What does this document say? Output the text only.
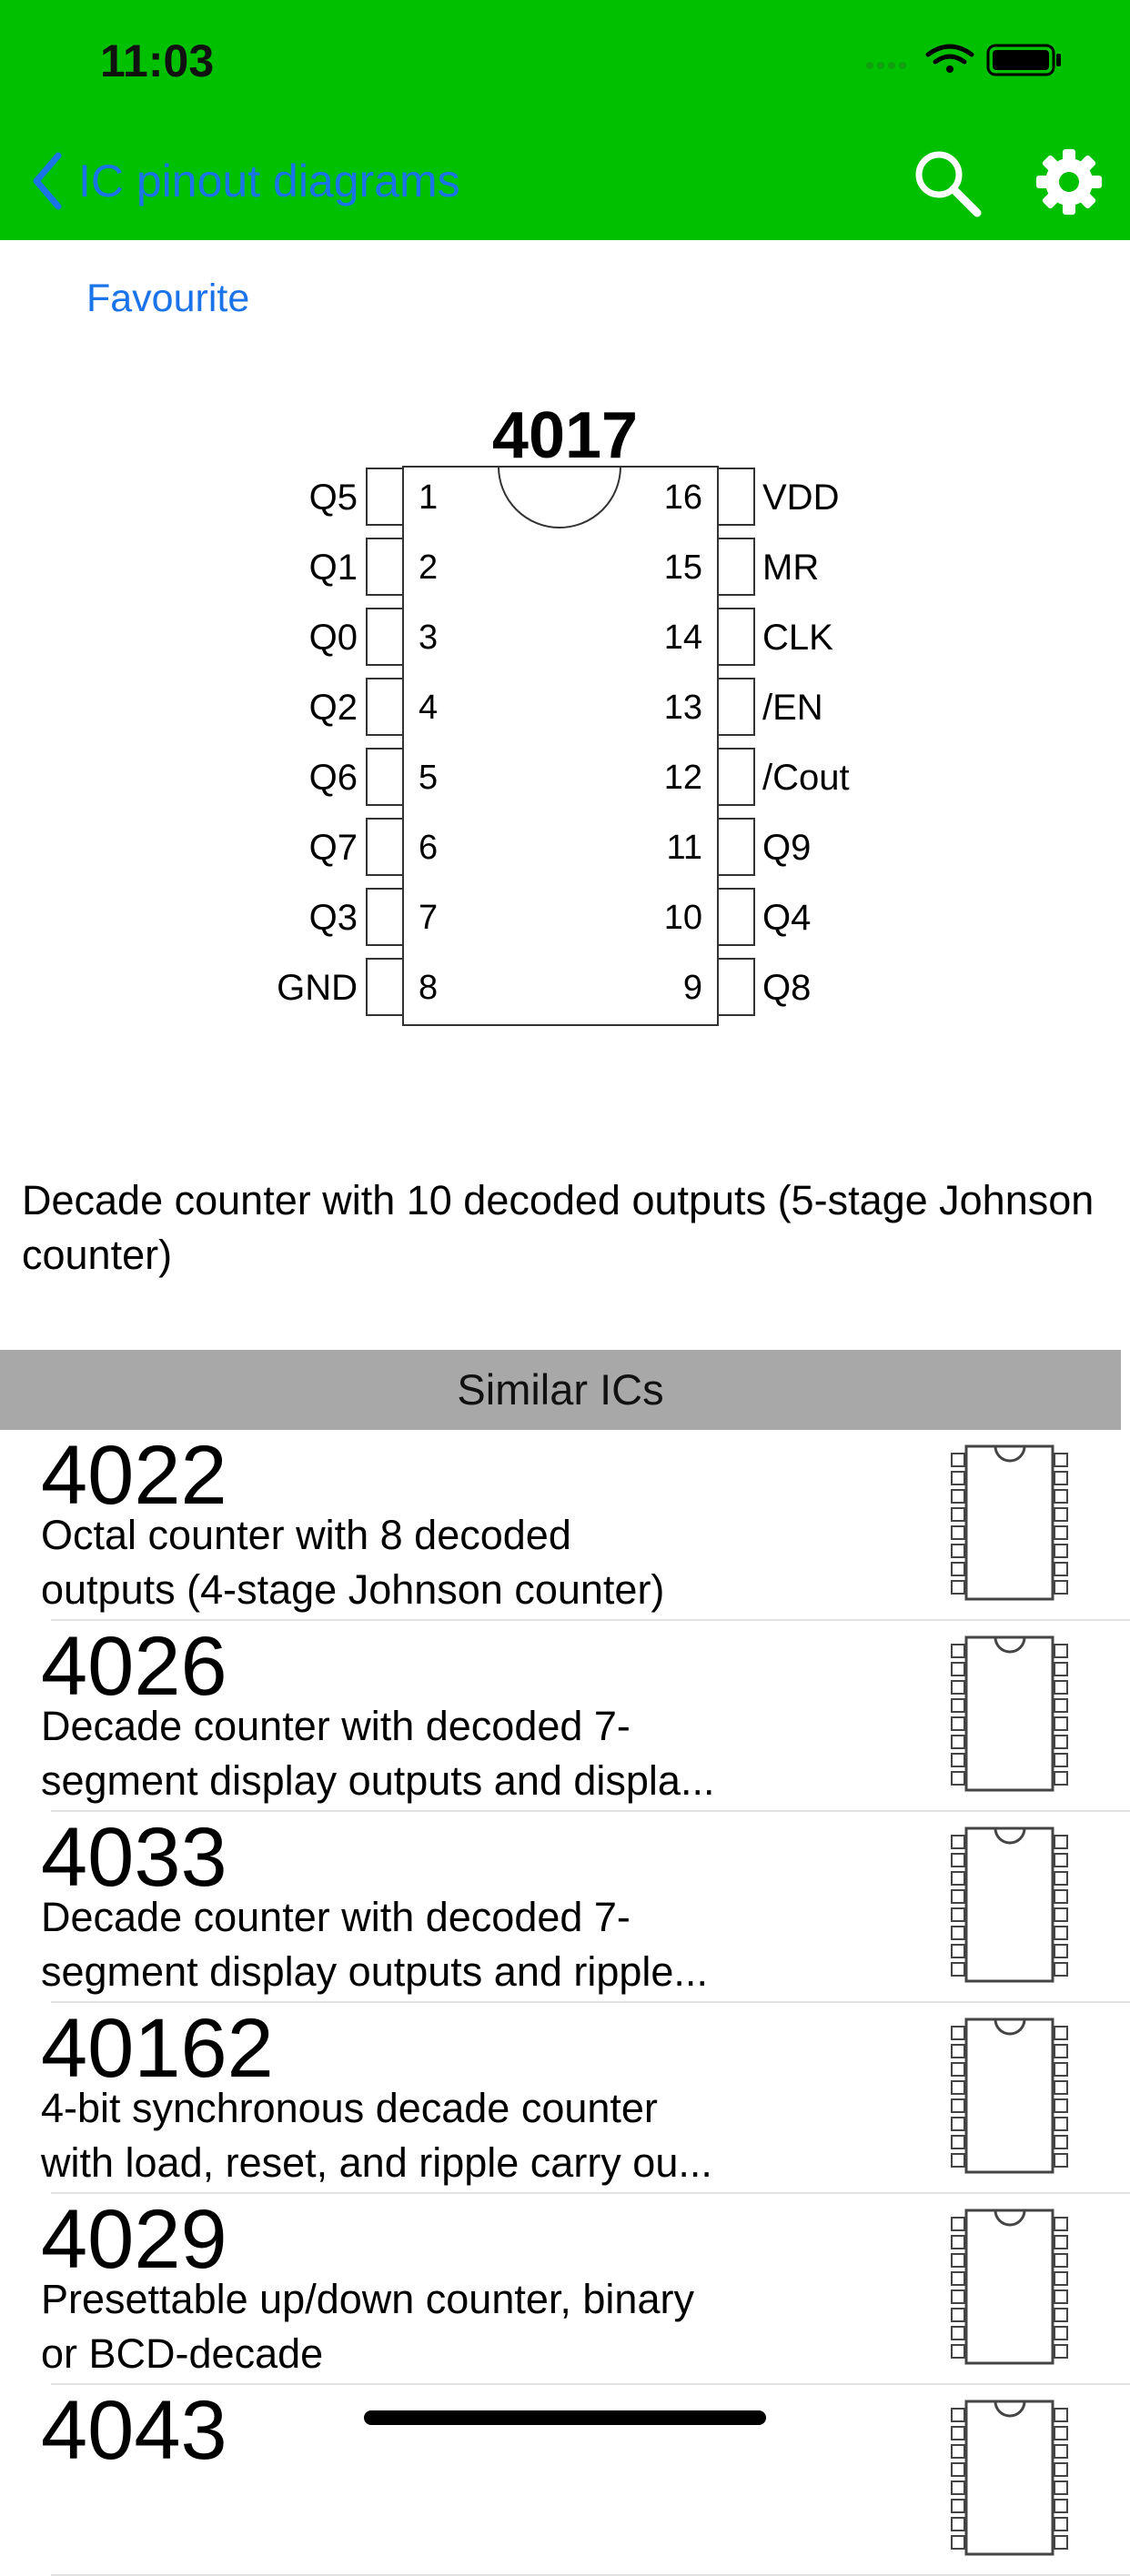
11:03
IC pinout diagrams
Favourite
4017
Q5 1
Q1 2
Q0 3
Q2 4
Q6 5
Q7 6
Q3 7
GND 8
16 VDD
15 MR
14 CLK
13 /EN
12 /Cout
11 Q9
10 Q4
9 Q8
Decade counter with 10 decoded outputs (5-stage Johnson counter)
Similar ICs
4022
Octal counter with 8 decoded
outputs (4-stage Johnson counter)
4026
Decade counter with decoded 7-
segment display outputs and displa...
4033
Decade counter with decoded 7-
segment display outputs and ripple...
40162
4-bit synchronous decade counter
with load, reset, and ripple carry ou...
4029
Presettable up/down counter, binary
or BCD-decade
4043
